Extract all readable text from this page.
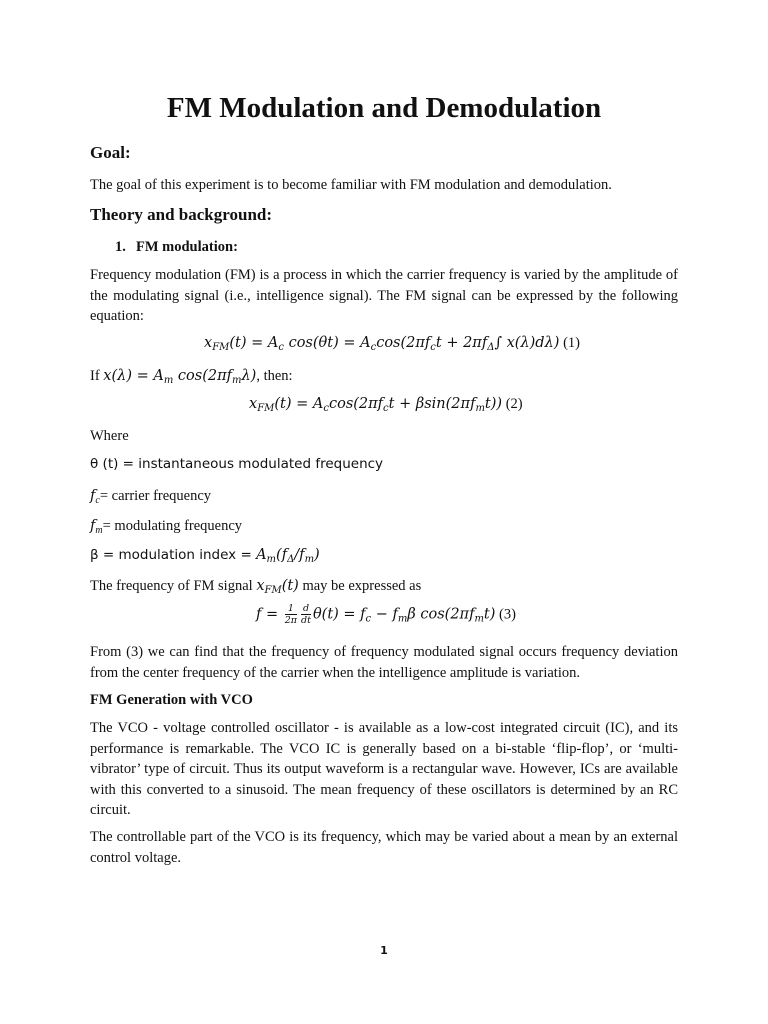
FM Modulation and Demodulation
Goal:
The goal of this experiment is to become familiar with FM modulation and demodulation.
Theory and background:
1. FM modulation:
Frequency modulation (FM) is a process in which the carrier frequency is varied by the amplitude of the modulating signal (i.e., intelligence signal). The FM signal can be expressed by the following equation:
$x_{FM}(t) = A_c$ $\cos(\theta t) = A_c\cos(2\pi f_ct + 2\pi f_\Delta\int$ x(λ)dλ) (1)
If $x(\lambda) = A_m$ $\cos(2\pi f_m\lambda)$, then:
$x_{FM}(t) = A_c\cos(2\pi f_ct + \beta\sin(2\pi f_mt))$ (2)
Where
θ (t) = instantaneous modulated frequency
$f_c=$ carrier frequency
$f_m=$ modulating frequency
β = modulation index = $A_m(f_\Delta/f_m)$
The frequency of FM signal $x_{FM}(t)$ may be expressed as
$f = \frac{1}{2\pi} \frac{d}{dt} \theta(t) = f_c - f_m\beta$ $\cos(2\pi f_mt)$ (3)
From (3) we can find that the frequency of frequency modulated signal occurs frequency deviation from the center frequency of the carrier when the intelligence amplitude is variation.
FM Generation with VCO
The VCO - voltage controlled oscillator - is available as a low-cost integrated circuit (IC), and its performance is remarkable. The VCO IC is generally based on a bi-stable ‘flip-flop’, or ‘multi-vibrator’ type of circuit. Thus its output waveform is a rectangular wave. However, ICs are available with this converted to a sinusoid. The mean frequency of these oscillators is determined by an RC circuit.
The controllable part of the VCO is its frequency, which may be varied about a mean by an external control voltage.
1
